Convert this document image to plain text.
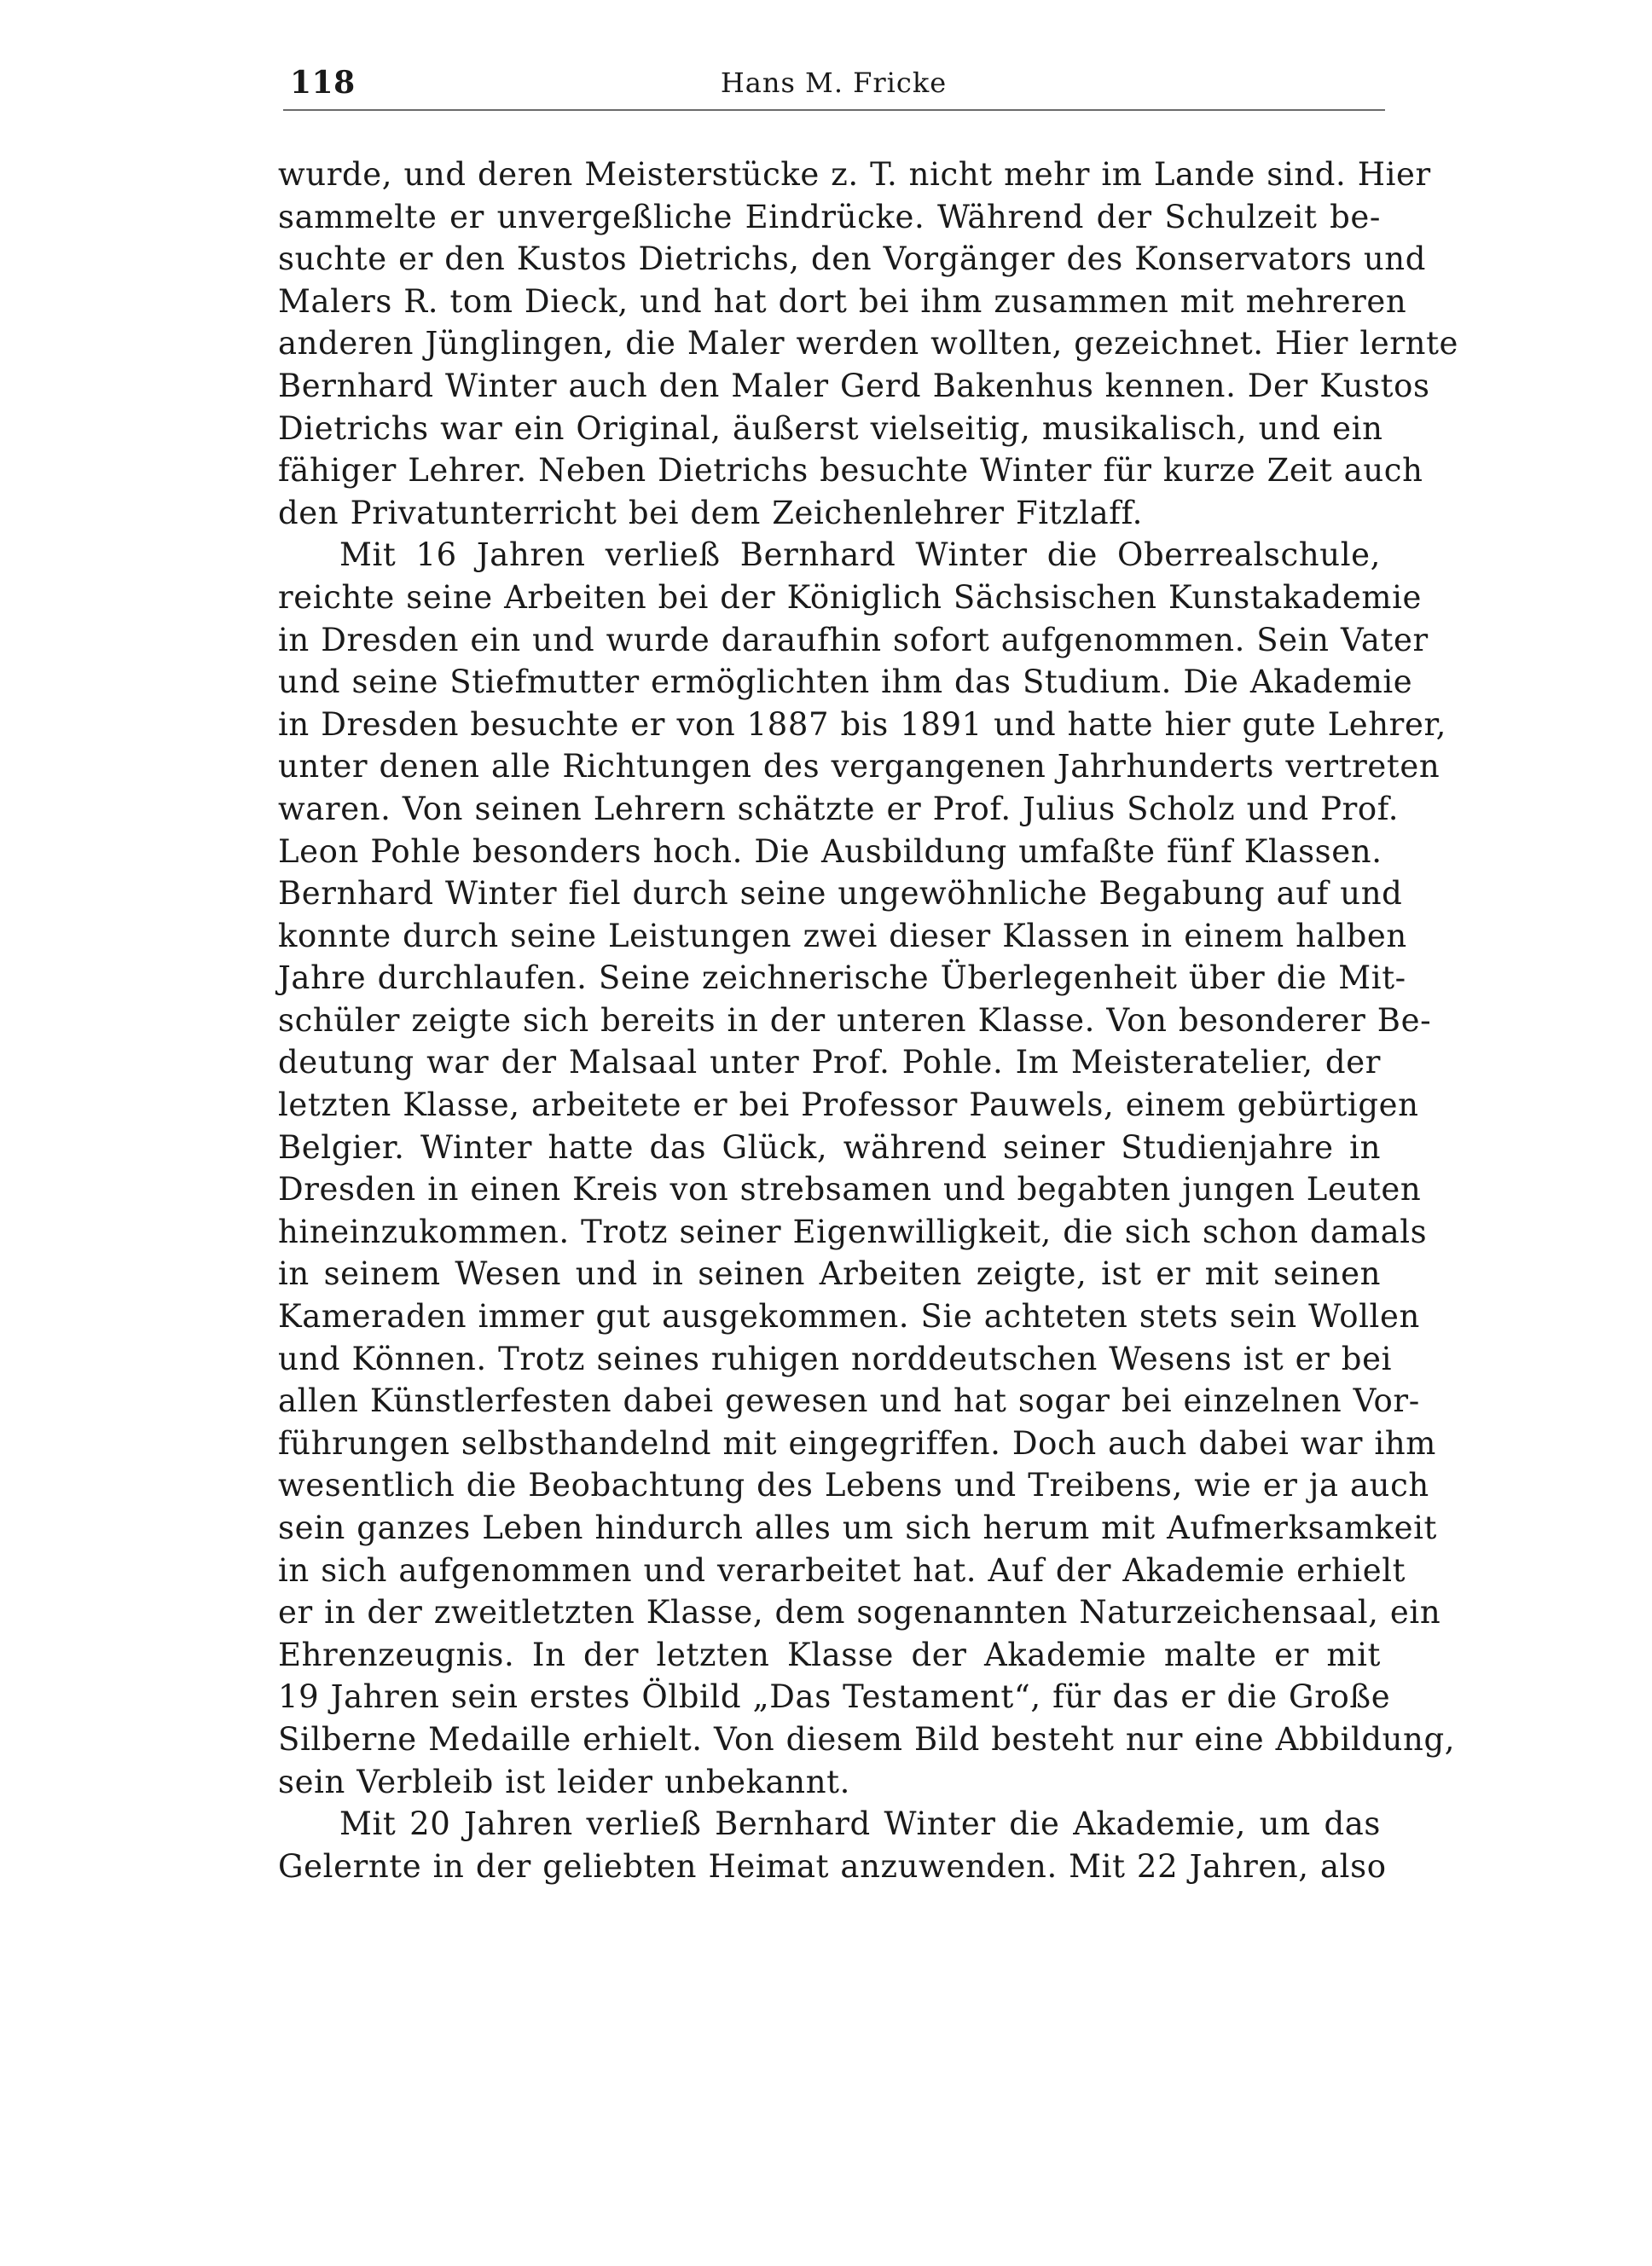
118	Hans M. Fricke
wurde, und deren Meisterstücke z. T. nicht mehr im Lande sind. Hier
sammelte er unvergeßliche Eindrücke. Während der Schulzeit be-
suchte er den Kustos Dietrichs, den Vorgänger des Konservators und
Malers R. tom Dieck, und hat dort bei ihm zusammen mit mehreren
anderen Jünglingen, die Maler werden wollten, gezeichnet. Hier lernte
Bernhard Winter auch den Maler Gerd Bakenhus kennen. Der Kustos
Dietrichs war ein Original, äußerst vielseitig, musikalisch, und ein
fähiger Lehrer. Neben Dietrichs besuchte Winter für kurze Zeit auch
den Privatunterricht bei dem Zeichenlehrer Fitzlaff.
Mit 16 Jahren verließ Bernhard Winter die Oberrealschule,
reichte seine Arbeiten bei der Königlich Sächsischen Kunstakademie
in Dresden ein und wurde daraufhin sofort aufgenommen. Sein Vater
und seine Stiefmutter ermöglichten ihm das Studium. Die Akademie
in Dresden besuchte er von 1887 bis 1891 und hatte hier gute Lehrer,
unter denen alle Richtungen des vergangenen Jahrhunderts vertreten
waren. Von seinen Lehrern schätzte er Prof. Julius Scholz und Prof.
Leon Pohle besonders hoch. Die Ausbildung umfaßte fünf Klassen.
Bernhard Winter fiel durch seine ungewöhnliche Begabung auf und
konnte durch seine Leistungen zwei dieser Klassen in einem halben
Jahre durchlaufen. Seine zeichnerische Überlegenheit über die Mit-
schüler zeigte sich bereits in der unteren Klasse. Von besonderer Be-
deutung war der Malsaal unter Prof. Pohle. Im Meisteratelier, der
letzten Klasse, arbeitete er bei Professor Pauwels, einem gebürtigen
Belgier. Winter hatte das Glück, während seiner Studienjahre in
Dresden in einen Kreis von strebsamen und begabten jungen Leuten
hineinzukommen. Trotz seiner Eigenwilligkeit, die sich schon damals
in seinem Wesen und in seinen Arbeiten zeigte, ist er mit seinen
Kameraden immer gut ausgekommen. Sie achteten stets sein Wollen
und Können. Trotz seines ruhigen norddeutschen Wesens ist er bei
allen Künstlerfesten dabei gewesen und hat sogar bei einzelnen Vor-
führungen selbsthandelnd mit eingegriffen. Doch auch dabei war ihm
wesentlich die Beobachtung des Lebens und Treibens, wie er ja auch
sein ganzes Leben hindurch alles um sich herum mit Aufmerksamkeit
in sich aufgenommen und verarbeitet hat. Auf der Akademie erhielt
er in der zweitletzten Klasse, dem sogenannten Naturzeichensaal, ein
Ehrenzeugnis. In der letzten Klasse der Akademie malte er mit
19 Jahren sein erstes Ölbild „Das Testament“, für das er die Große
Silberne Medaille erhielt. Von diesem Bild besteht nur eine Abbildung,
sein Verbleib ist leider unbekannt.
Mit 20 Jahren verließ Bernhard Winter die Akademie, um das
Gelernte in der geliebten Heimat anzuwenden. Mit 22 Jahren, also
